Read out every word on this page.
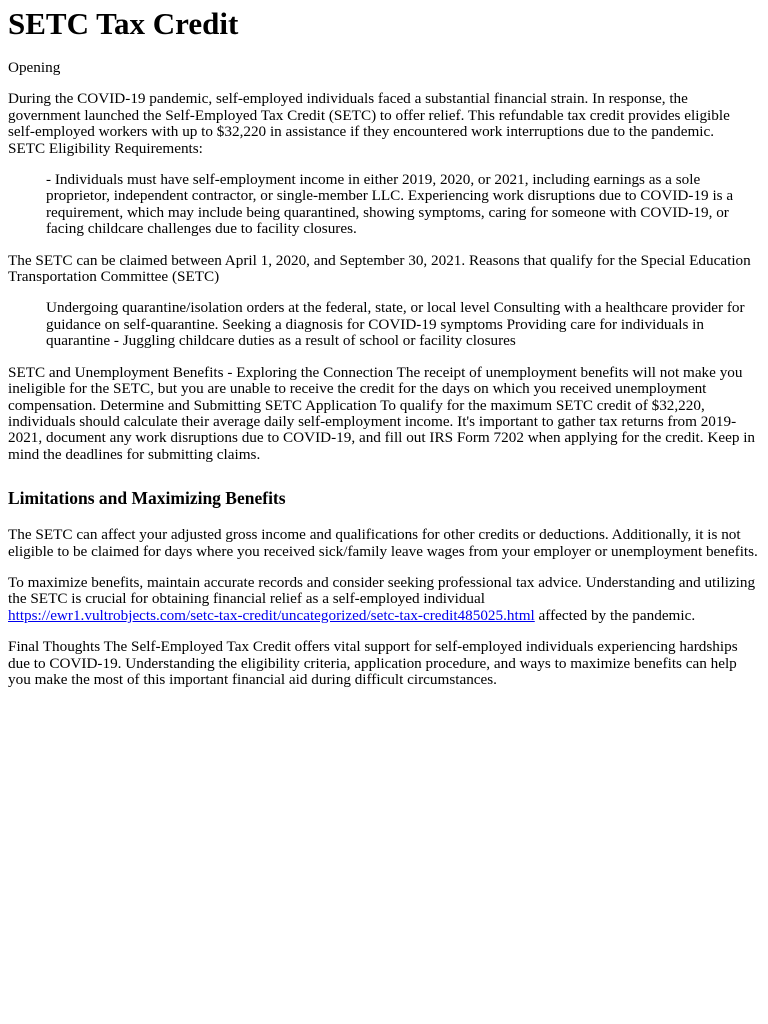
SETC Tax Credit

Opening

During the COVID-19 pandemic, self-employed individuals faced a substantial financial strain. In response, the government launched the Self-Employed Tax Credit (SETC) to offer relief. This refundable tax credit provides eligible self-employed workers with up to $32,220 in assistance if they encountered work interruptions due to the pandemic.
SETC Eligibility Requirements:
- Individuals must have self-employment income in either 2019, 2020, or 2021, including earnings as a sole proprietor, independent contractor, or single-member LLC. Experiencing work disruptions due to COVID-19 is a requirement, which may include being quarantined, showing symptoms, caring for someone with COVID-19, or facing childcare challenges due to facility closures.

The SETC can be claimed between April 1, 2020, and September 30, 2021. Reasons that qualify for the Special Education Transportation Committee (SETC)

Undergoing quarantine/isolation orders at the federal, state, or local level Consulting with a healthcare provider for guidance on self-quarantine. Seeking a diagnosis for COVID-19 symptoms Providing care for individuals in quarantine - Juggling childcare duties as a result of school or facility closures

SETC and Unemployment Benefits - Exploring the Connection The receipt of unemployment benefits will not make you ineligible for the SETC, but you are unable to receive the credit for the days on which you received unemployment compensation. Determine and Submitting SETC Application To qualify for the maximum SETC credit of $32,220, individuals should calculate their average daily self-employment income. It's important to gather tax returns from 2019-2021, document any work disruptions due to COVID-19, and fill out IRS Form 7202 when applying for the credit. Keep in mind the deadlines for submitting claims.

Limitations and Maximizing Benefits

The SETC can affect your adjusted gross income and qualifications for other credits or deductions. Additionally, it is not eligible to be claimed for days where you received sick/family leave wages from your employer or unemployment benefits.

To maximize benefits, maintain accurate records and consider seeking professional tax advice. Understanding and utilizing the SETC is crucial for obtaining financial relief as a self-employed individual
https://ewr1.vultrobjects.com/setc-tax-credit/uncategorized/setc-tax-credit485025.html affected by the pandemic.

Final Thoughts The Self-Employed Tax Credit offers vital support for self-employed individuals experiencing hardships due to COVID-19. Understanding the eligibility criteria, application procedure, and ways to maximize benefits can help you make the most of this important financial aid during difficult circumstances.
